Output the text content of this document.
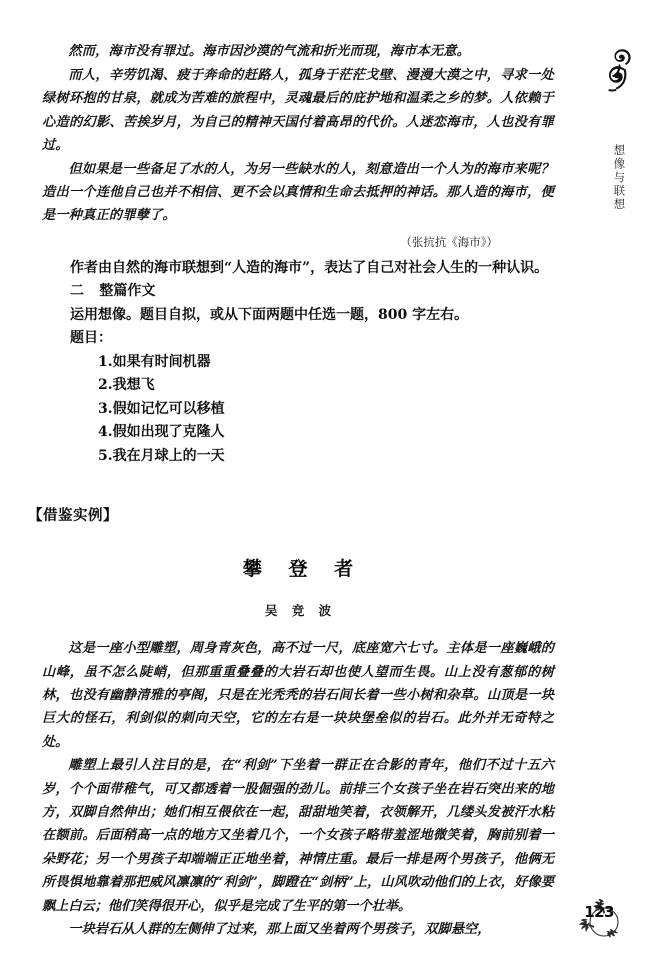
想像与联想

然而，海市没有罪过。海市因沙漠的气流和折光而现，海市本无意。

而人，辛劳饥渴、疲于奔命的赶路人，孤身于茫茫戈壁、漫漫大漠之中，寻求一处绿树环抱的甘泉，就成为苦难的旅程中，灵魂最后的庇护地和温柔之乡的梦。人依赖于心造的幻影、苦挨岁月，为自己的精神天国付着高昂的代价。人迷恋海市，人也没有罪过。

但如果是一些备足了水的人，为另一些缺水的人，刻意造出一个人为的海市来呢？造出一个连他自己也并不相信、更不会以真情和生命去抵押的神话。那人造的海市，便是一种真正的罪孽了。

（张抗抗《海市》）

作者由自然的海市联想到“人造的海市”，表达了自己对社会人生的一种认识。

二 整篇作文
运用想像。题目自拟，或从下面两题中任选一题，800 字左右。
题目：
1.如果有时间机器
2.我想飞
3.假如记忆可以移植
4.假如出现了克隆人
5.我在月球上的一天
【借鉴实例】
攀 登 者
吴 竞 波

这是一座小型雕塑，周身青灰色，高不过一尺，底座宽六七寸。主体是一座巍峨的山峰，虽不怎么陡峭，但那重重叠叠的大岩石却也使人望而生畏。山上没有葱郁的树林，也没有幽静清雅的亭阁，只是在光秃秃的岩石间长着一些小树和杂草。山顶是一块巨大的怪石，利剑似的刺向天空，它的左右是一块块堡垒似的岩石。此外并无奇特之处。

雕塑上最引人注目的是，在“利剑”下坐着一群正在合影的青年，他们不过十五六岁，个个面带稚气，可又都透着一股倔强的劲儿。前排三个女孩子坐在岩石突出来的地方，双脚自然伸出；她们相互偎依在一起，甜甜地笑着，衣领解开，几缕头发被汗水粘在额前。后面稍高一点的地方又坐着几个，一个女孩子略带羞涩地微笑着，胸前别着一朵野花；另一个男孩子却端端正正地坐着，神情庄重。最后一排是两个男孩子，他俩无所畏惧地靠着那把威风凛凛的“利剑”，脚蹬在“剑柄”上，山风吹动他们的上衣，好像要飘上白云；他们笑得很开心，似乎是完成了生平的第一个壮举。

一块岩石从人群的左侧伸了过来，那上面又坐着两个男孩子，双脚悬空，

123
